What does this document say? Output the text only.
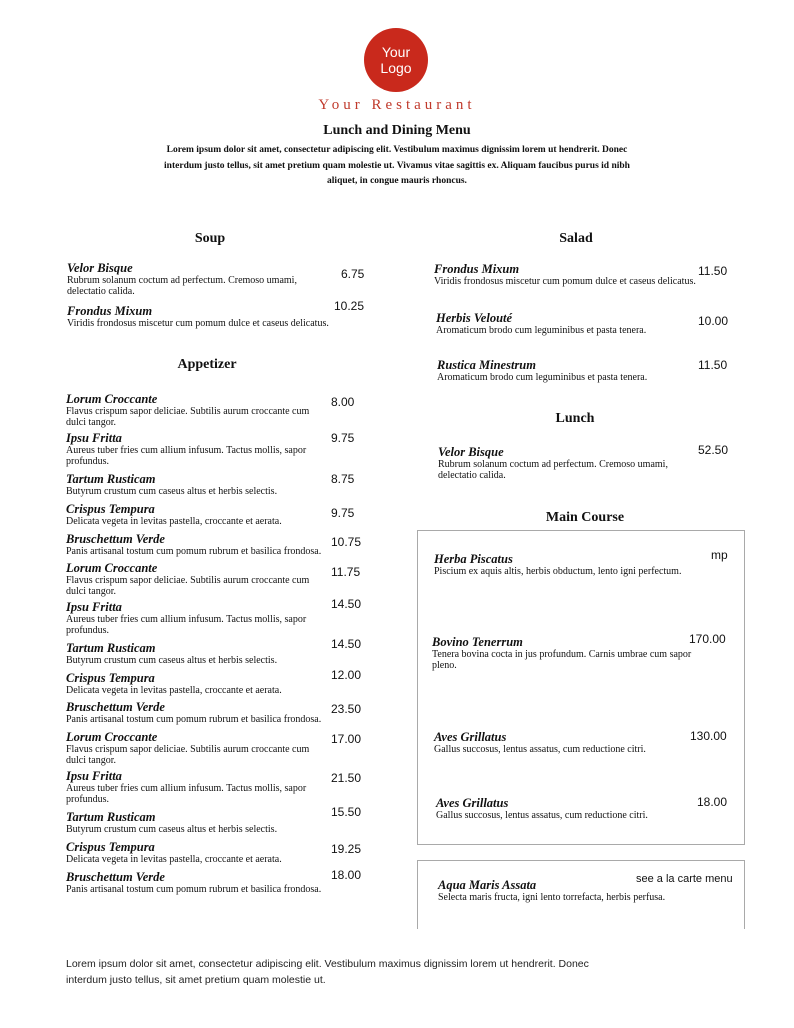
Your Logo
Your Restaurant
Lunch and Dining Menu
Lorem ipsum dolor sit amet, consectetur adipiscing elit. Vestibulum maximus dignissim lorem ut hendrerit. Donec interdum justo tellus, sit amet pretium quam molestie ut. Vivamus vitae sagittis ex. Aliquam faucibus purus id nibh aliquet, in congue mauris rhoncus.
Soup
Velor Bisque
Rubrum solanum coctum ad perfectum. Cremoso umami, delectatio calida.
6.75
Frondus Mixum
Viridis frondosus miscetur cum pomum dulce et caseus delicatus.
10.25
Appetizer
Lorum Croccante
Flavus crispum sapor deliciae. Subtilis aurum croccante cum dulci tangor.
8.00
Ipsu Fritta
Aureus tuber fries cum allium infusum. Tactus mollis, sapor profundus.
9.75
Tartum Rusticam
Butyrum crustum cum caseus altus et herbis selectis.
8.75
Crispus Tempura
Delicata vegeta in levitas pastella, croccante et aerata.
9.75
Bruschettum Verde
Panis artisanal tostum cum pomum rubrum et basilica frondosa.
10.75
Lorum Croccante
Flavus crispum sapor deliciae. Subtilis aurum croccante cum dulci tangor.
11.75
Ipsu Fritta
Aureus tuber fries cum allium infusum. Tactus mollis, sapor profundus.
14.50
Tartum Rusticam
Butyrum crustum cum caseus altus et herbis selectis.
14.50
Crispus Tempura
Delicata vegeta in levitas pastella, croccante et aerata.
12.00
Bruschettum Verde
Panis artisanal tostum cum pomum rubrum et basilica frondosa.
23.50
Lorum Croccante
Flavus crispum sapor deliciae. Subtilis aurum croccante cum dulci tangor.
17.00
Ipsu Fritta
Aureus tuber fries cum allium infusum. Tactus mollis, sapor profundus.
21.50
Tartum Rusticam
Butyrum crustum cum caseus altus et herbis selectis.
15.50
Crispus Tempura
Delicata vegeta in levitas pastella, croccante et aerata.
19.25
Bruschettum Verde
Panis artisanal tostum cum pomum rubrum et basilica frondosa.
18.00
Salad
Frondus Mixum
Viridis frondosus miscetur cum pomum dulce et caseus delicatus.
11.50
Herbis Velouté
Aromaticum brodo cum leguminibus et pasta tenera.
10.00
Rustica Minestrum
Aromaticum brodo cum leguminibus et pasta tenera.
11.50
Lunch
Velor Bisque
Rubrum solanum coctum ad perfectum. Cremoso umami, delectatio calida.
52.50
Main Course
Herba Piscatus
Piscium ex aquis altis, herbis obductum, lento igni perfectum.
mp
Bovino Tenerrum
Tenera bovina cocta in jus profundum. Carnis umbrae cum sapor pleno.
170.00
Aves Grillatus
Gallus succosus, lentus assatus, cum reductione citri.
130.00
Aves Grillatus
Gallus succosus, lentus assatus, cum reductione citri.
18.00
Aqua Maris Assata
Selecta maris fructa, igni lento torrefacta, herbis perfusa.
see a la carte menu
Lorem ipsum dolor sit amet, consectetur adipiscing elit. Vestibulum maximus dignissim lorem ut hendrerit. Donec interdum justo tellus, sit amet pretium quam molestie ut.
